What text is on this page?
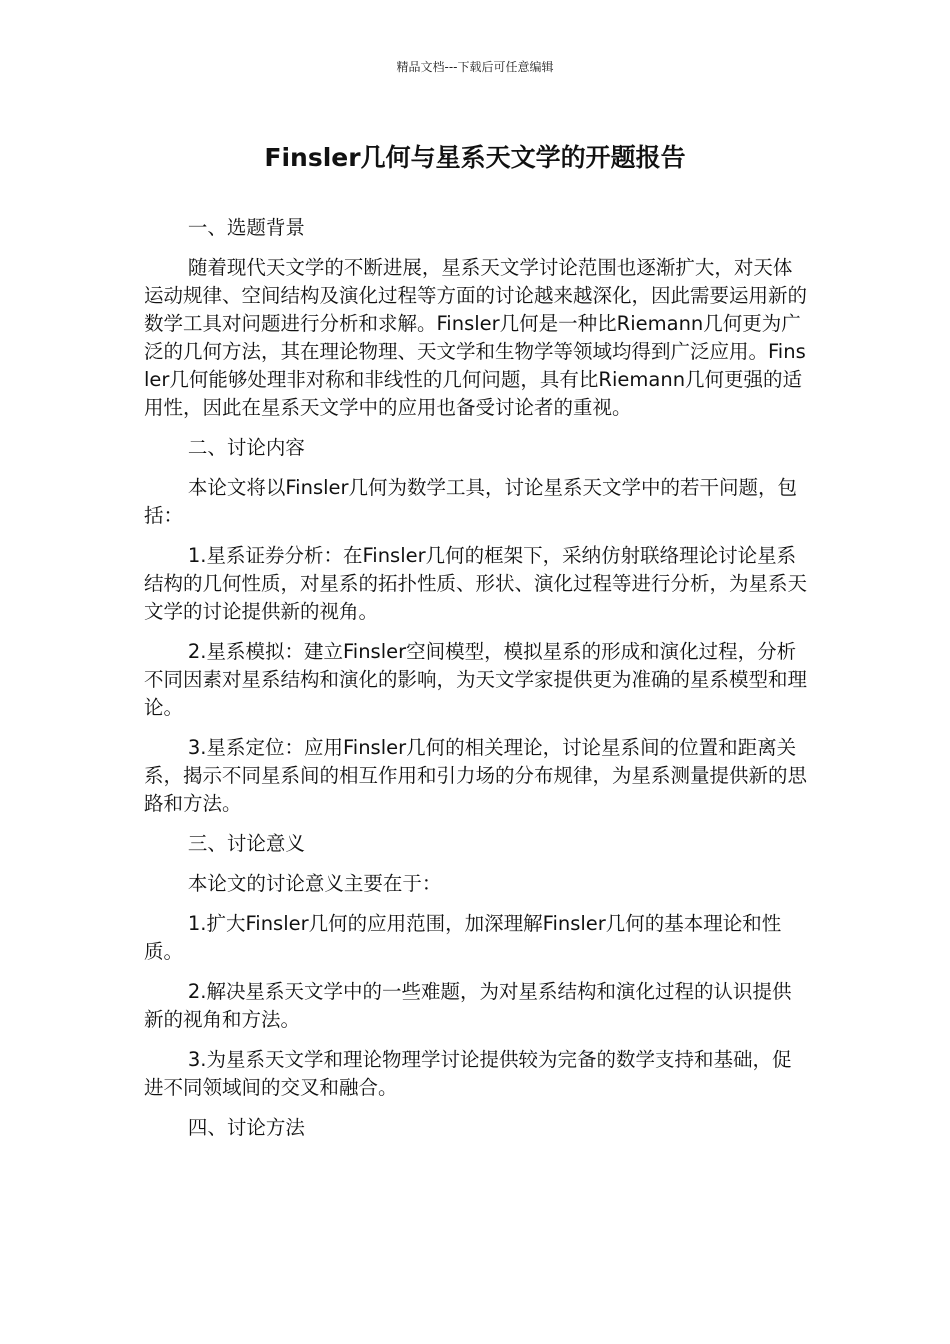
精品文档---下载后可任意编辑
Finsler几何与星系天文学的开题报告

一、选题背景

随着现代天文学的不断进展，星系天文学讨论范围也逐渐扩大，对天体运动规律、空间结构及演化过程等方面的讨论越来越深化，因此需要运用新的数学工具对问题进行分析和求解。Finsler几何是一种比Riemann几何更为广泛的几何方法，其在理论物理、天文学和生物学等领域均得到广泛应用。Finsler几何能够处理非对称和非线性的几何问题，具有比Riemann几何更强的适用性，因此在星系天文学中的应用也备受讨论者的重视。

二、讨论内容

本论文将以Finsler几何为数学工具，讨论星系天文学中的若干问题，包括：

1.星系证券分析：在Finsler几何的框架下，采纳仿射联络理论讨论星系结构的几何性质，对星系的拓扑性质、形状、演化过程等进行分析，为星系天文学的讨论提供新的视角。

2.星系模拟：建立Finsler空间模型，模拟星系的形成和演化过程，分析不同因素对星系结构和演化的影响，为天文学家提供更为准确的星系模型和理论。

3.星系定位：应用Finsler几何的相关理论，讨论星系间的位置和距离关系，揭示不同星系间的相互作用和引力场的分布规律，为星系测量提供新的思路和方法。

三、讨论意义

本论文的讨论意义主要在于：

1.扩大Finsler几何的应用范围，加深理解Finsler几何的基本理论和性质。

2.解决星系天文学中的一些难题，为对星系结构和演化过程的认识提供新的视角和方法。

3.为星系天文学和理论物理学讨论提供较为完备的数学支持和基础，促进不同领域间的交叉和融合。

四、讨论方法
